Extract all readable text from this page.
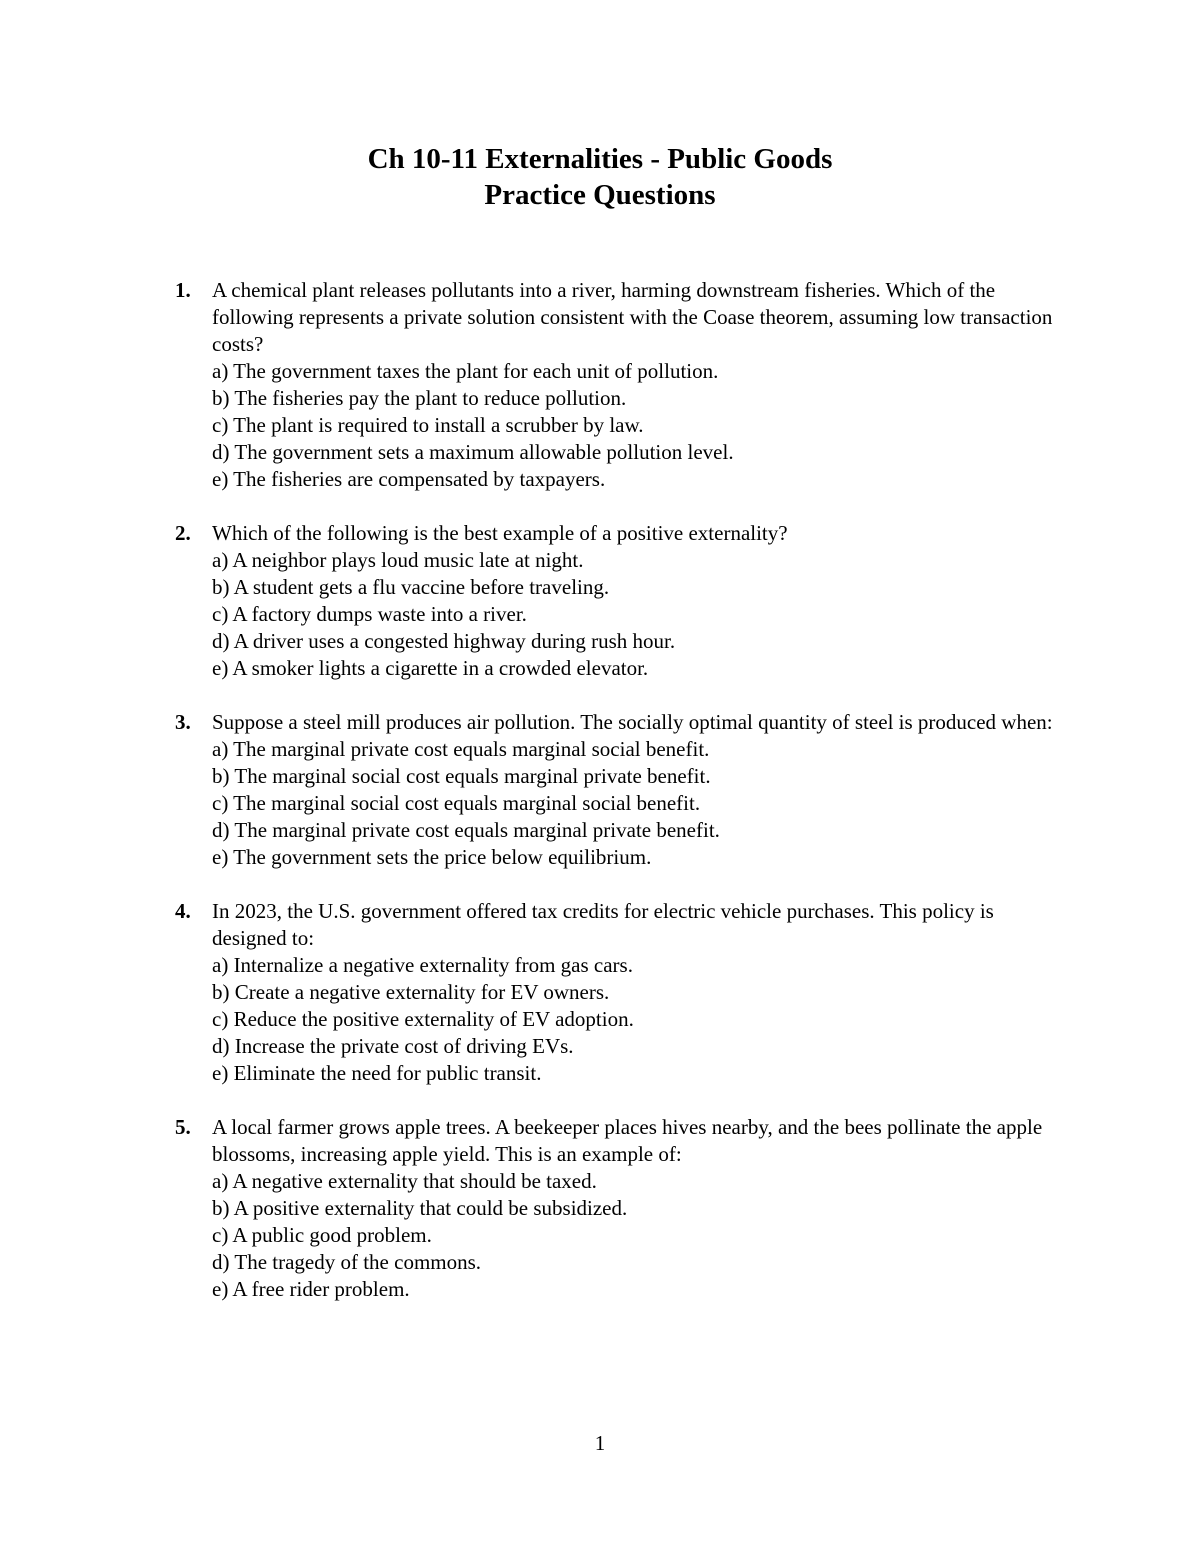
Ch 10-11 Externalities - Public Goods
Practice Questions
1. A chemical plant releases pollutants into a river, harming downstream fisheries. Which of the following represents a private solution consistent with the Coase theorem, assuming low transaction costs?
a) The government taxes the plant for each unit of pollution.
b) The fisheries pay the plant to reduce pollution.
c) The plant is required to install a scrubber by law.
d) The government sets a maximum allowable pollution level.
e) The fisheries are compensated by taxpayers.
2. Which of the following is the best example of a positive externality?
a) A neighbor plays loud music late at night.
b) A student gets a flu vaccine before traveling.
c) A factory dumps waste into a river.
d) A driver uses a congested highway during rush hour.
e) A smoker lights a cigarette in a crowded elevator.
3. Suppose a steel mill produces air pollution. The socially optimal quantity of steel is produced when:
a) The marginal private cost equals marginal social benefit.
b) The marginal social cost equals marginal private benefit.
c) The marginal social cost equals marginal social benefit.
d) The marginal private cost equals marginal private benefit.
e) The government sets the price below equilibrium.
4. In 2023, the U.S. government offered tax credits for electric vehicle purchases. This policy is designed to:
a) Internalize a negative externality from gas cars.
b) Create a negative externality for EV owners.
c) Reduce the positive externality of EV adoption.
d) Increase the private cost of driving EVs.
e) Eliminate the need for public transit.
5. A local farmer grows apple trees. A beekeeper places hives nearby, and the bees pollinate the apple blossoms, increasing apple yield. This is an example of:
a) A negative externality that should be taxed.
b) A positive externality that could be subsidized.
c) A public good problem.
d) The tragedy of the commons.
e) A free rider problem.
1
